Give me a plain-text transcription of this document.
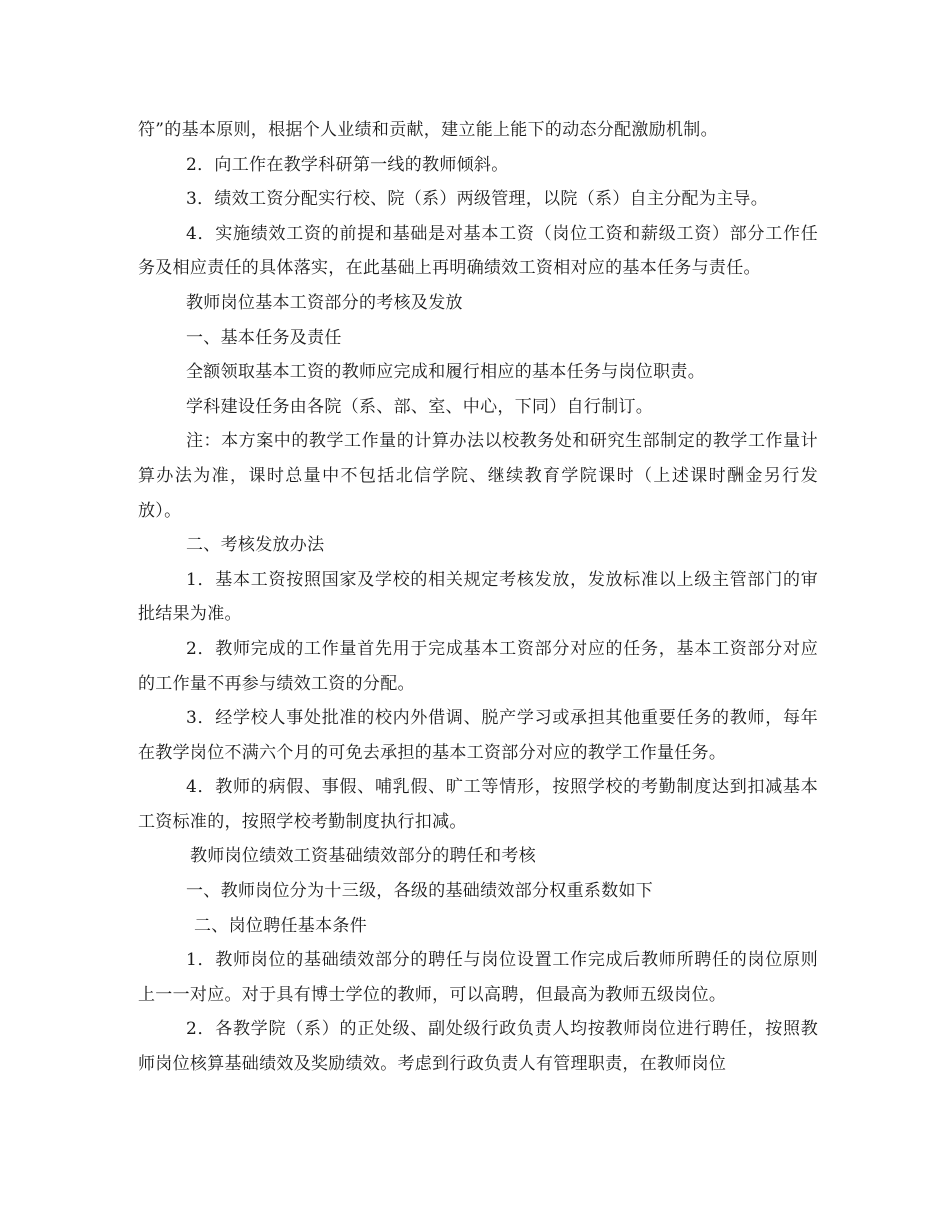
符”的基本原则，根据个人业绩和贡献，建立能上能下的动态分配激励机制。

2．向工作在教学科研第一线的教师倾斜。

3．绩效工资分配实行校、院（系）两级管理，以院（系）自主分配为主导。

4．实施绩效工资的前提和基础是对基本工资（岗位工资和薪级工资）部分工作任务及相应责任的具体落实，在此基础上再明确绩效工资相对应的基本任务与责任。

教师岗位基本工资部分的考核及发放

一、基本任务及责任

全额领取基本工资的教师应完成和履行相应的基本任务与岗位职责。

学科建设任务由各院（系、部、室、中心，下同）自行制订。

注：本方案中的教学工作量的计算办法以校教务处和研究生部制定的教学工作量计算办法为准，课时总量中不包括北信学院、继续教育学院课时（上述课时酬金另行发放）。

二、考核发放办法

1．基本工资按照国家及学校的相关规定考核发放，发放标准以上级主管部门的审批结果为准。

2．教师完成的工作量首先用于完成基本工资部分对应的任务，基本工资部分对应的工作量不再参与绩效工资的分配。

3．经学校人事处批准的校内外借调、脱产学习或承担其他重要任务的教师，每年在教学岗位不满六个月的可免去承担的基本工资部分对应的教学工作量任务。

4．教师的病假、事假、哺乳假、旷工等情形，按照学校的考勤制度达到扣减基本工资标准的，按照学校考勤制度执行扣减。

教师岗位绩效工资基础绩效部分的聘任和考核

一、教师岗位分为十三级，各级的基础绩效部分权重系数如下

二、岗位聘任基本条件

1．教师岗位的基础绩效部分的聘任与岗位设置工作完成后教师所聘任的岗位原则上一一对应。对于具有博士学位的教师，可以高聘，但最高为教师五级岗位。

2．各教学院（系）的正处级、副处级行政负责人均按教师岗位进行聘任，按照教师岗位核算基础绩效及奖励绩效。考虑到行政负责人有管理职责，在教师岗位
